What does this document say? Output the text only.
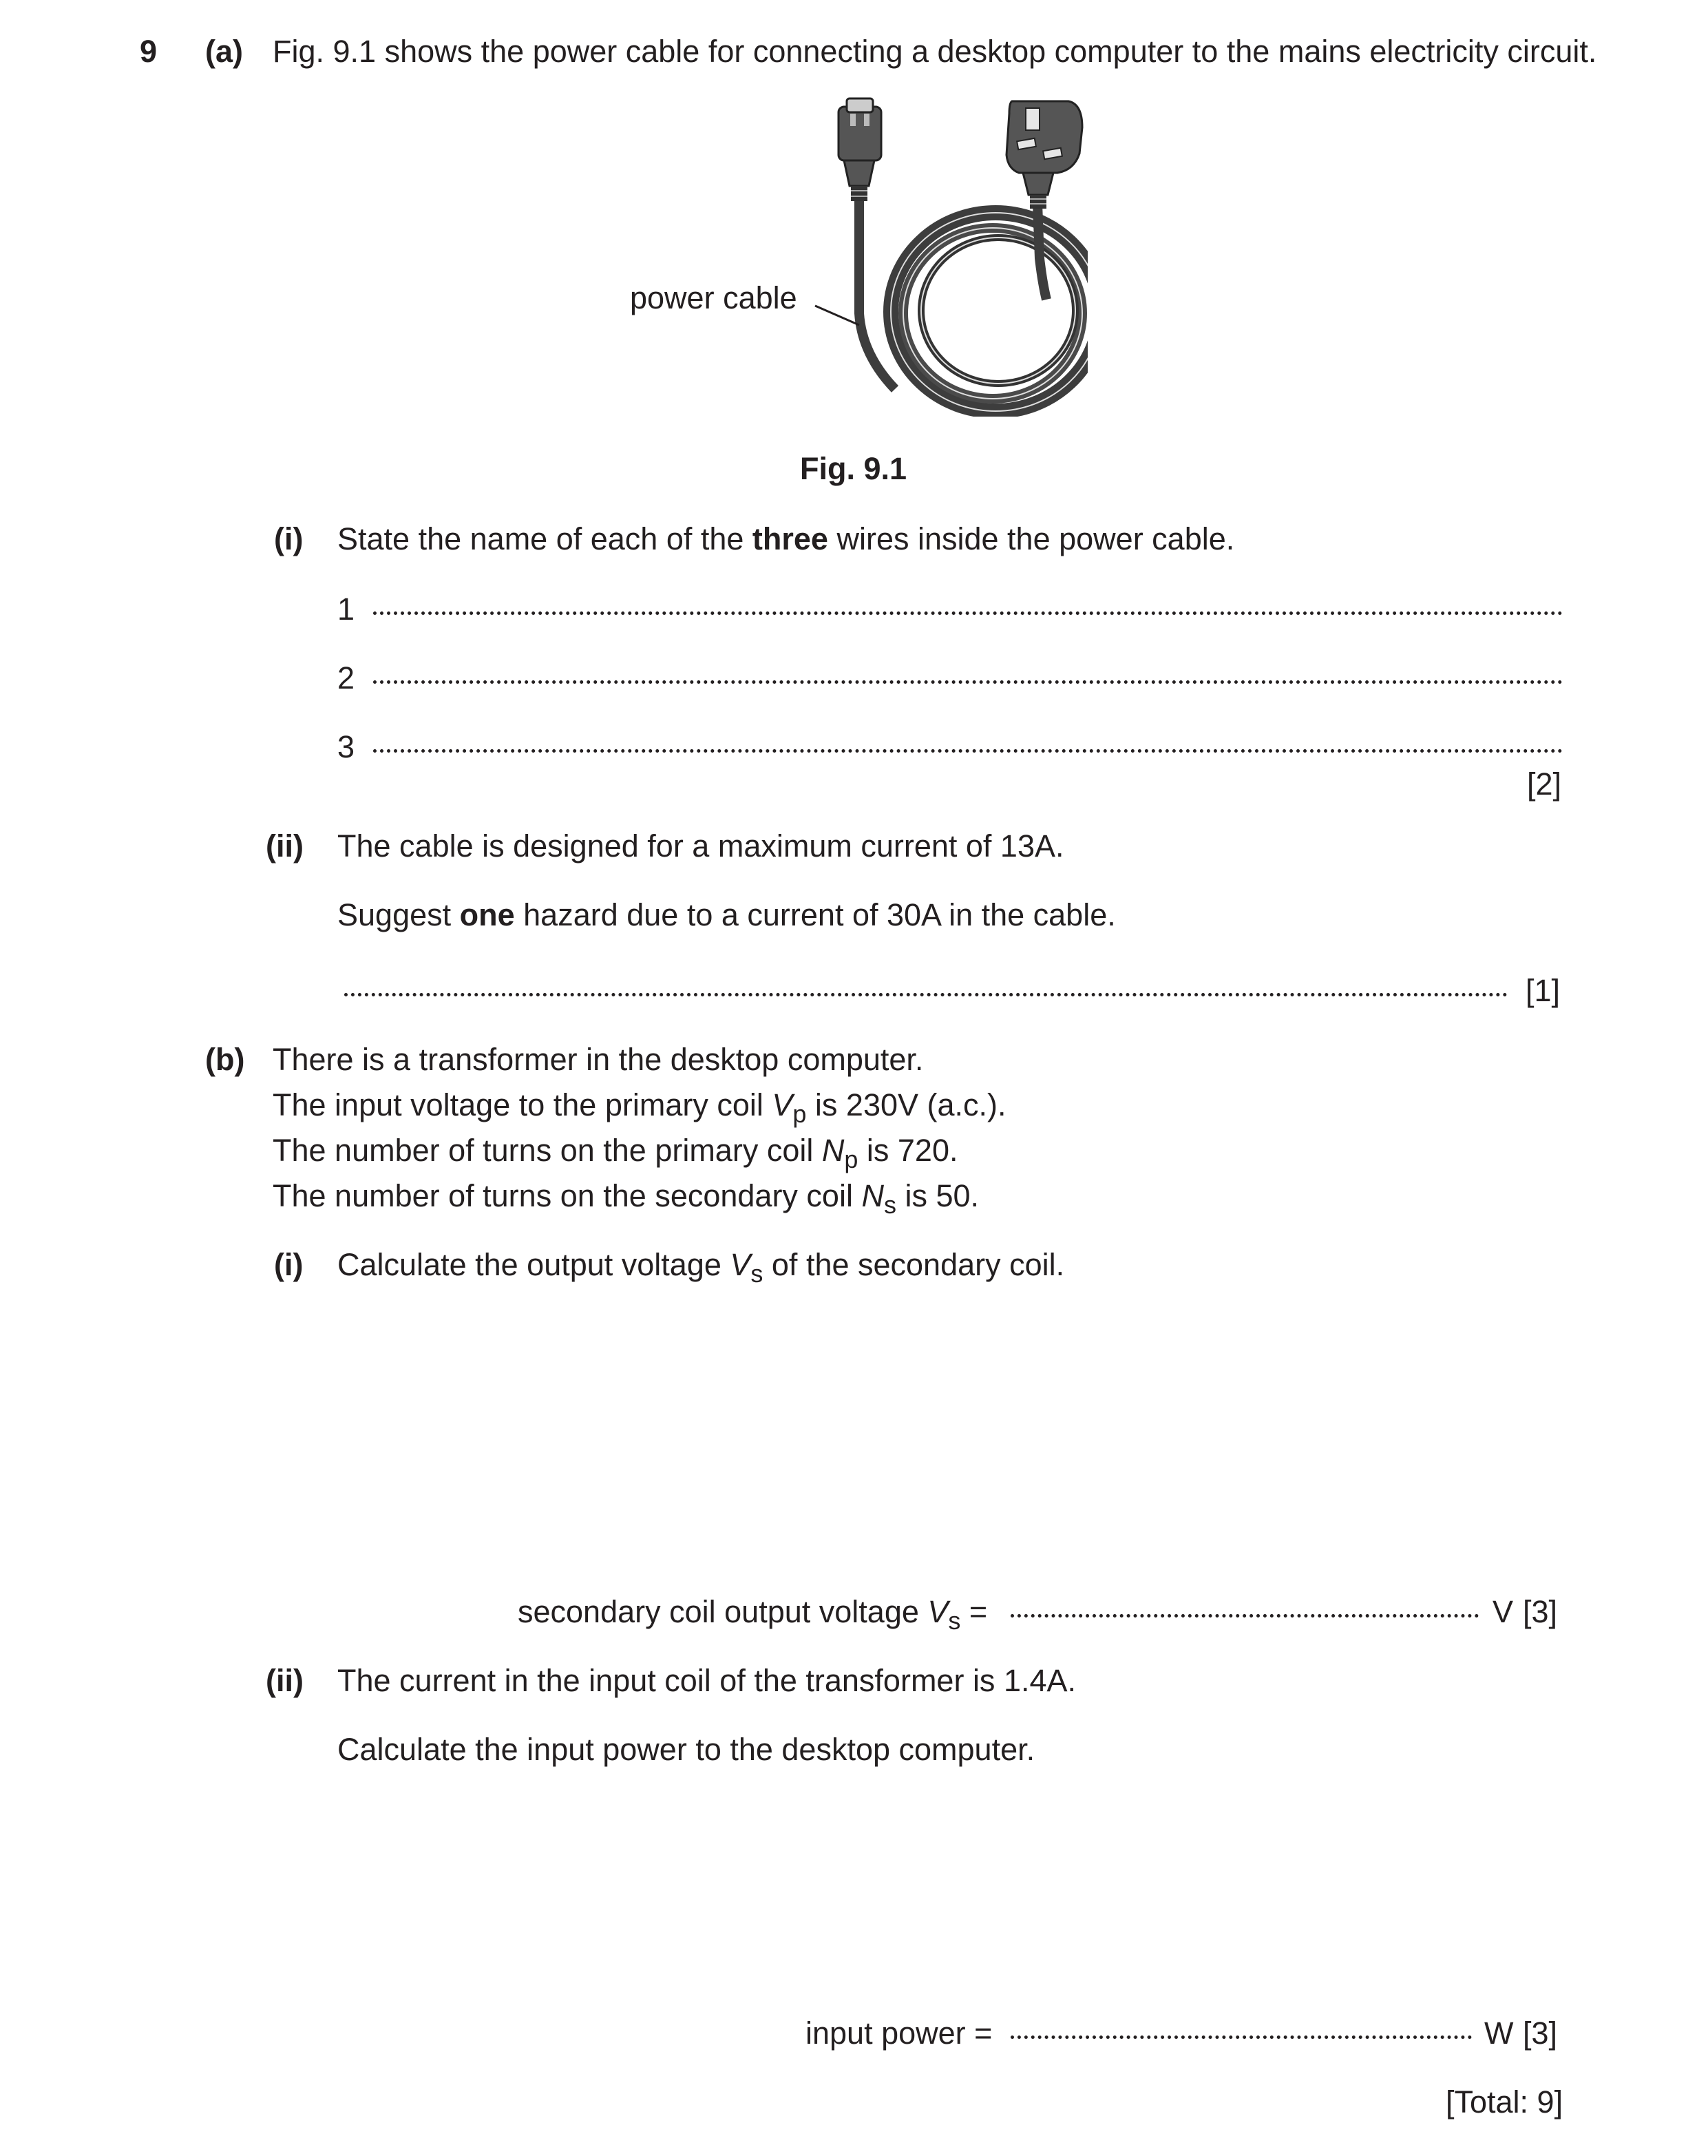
9 (a) Fig. 9.1 shows the power cable for connecting a desktop computer to the mains electricity circuit.
power cable
Fig. 9.1
(i) State the name of each of the three wires inside the power cable.
1
2
3
[2]
(ii) The cable is designed for a maximum current of 13A.
Suggest one hazard due to a current of 30A in the cable.
[1]
(b) There is a transformer in the desktop computer.
The input voltage to the primary coil $V_p$ is 230V (a.c.).
The number of turns on the primary coil $N_p$ is 720.
The number of turns on the secondary coil $N_s$ is 50.
(i) Calculate the output voltage $V_s$ of the secondary coil.
secondary coil output voltage $V_s$ =	V [3]
(ii) The current in the input coil of the transformer is 1.4A.
Calculate the input power to the desktop computer.
input power =	W [3]
[Total: 9]
